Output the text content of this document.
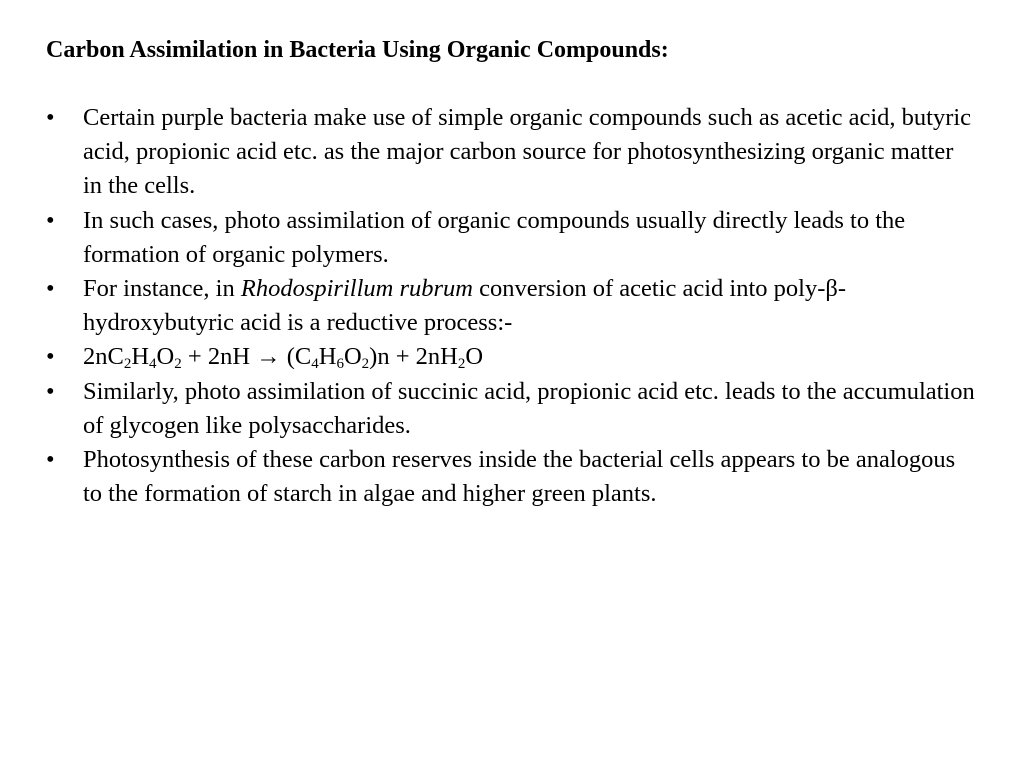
Carbon Assimilation in Bacteria Using Organic Compounds:
• Certain purple bacteria make use of simple organic compounds such as acetic acid, butyric acid, propionic acid etc. as the major carbon source for photosynthesizing organic matter in the cells.
• In such cases, photo assimilation of organic compounds usually directly leads to the formation of organic polymers.
• For instance, in Rhodospirillum rubrum conversion of acetic acid into poly-β-hydroxybutyric acid is a reductive process:-
• $2nC_2H_4O_2 + 2nH \to (C_4H_6O_2)n + 2nH_2O$
• Similarly, photo assimilation of succinic acid, propionic acid etc. leads to the accumulation of glycogen like polysaccharides.
• Photosynthesis of these carbon reserves inside the bacterial cells appears to be analogous to the formation of starch in algae and higher green plants.
